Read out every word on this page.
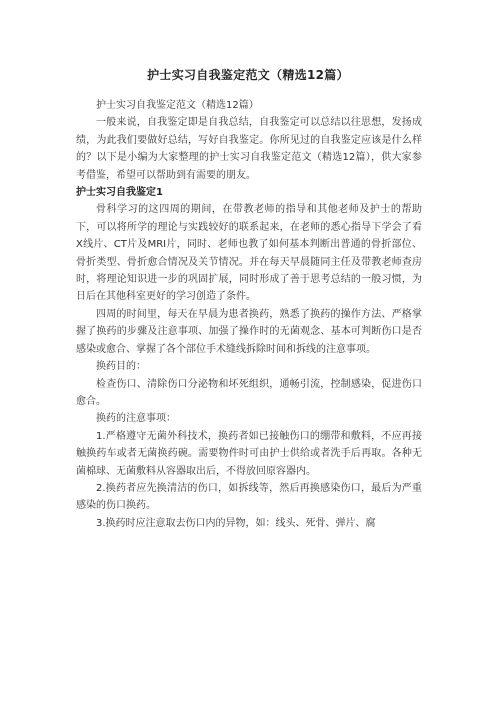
护士实习自我鉴定范文（精选12篇）

护士实习自我鉴定范文（精选12篇）

一般来说，自我鉴定即是自我总结，自我鉴定可以总结以往思想，发扬成绩，为此我们要做好总结，写好自我鉴定。你所见过的自我鉴定应该是什么样的？以下是小编为大家整理的护士实习自我鉴定范文（精选12篇），供大家参考借鉴，希望可以帮助到有需要的朋友。

护士实习自我鉴定1

骨科学习的这四周的期间，在带教老师的指导和其他老师及护士的帮助下，可以将所学的理论与实践较好的联系起来，在老师的悉心指导下学会了看X线片、CT片及MRI片，同时、老师也教了如何基本判断出普通的骨折部位、骨折类型、骨折愈合情况及关节情况。并在每天早晨随同主任及带教老师查房时，将理论知识进一步的巩固扩展，同时形成了善于思考总结的一般习惯，为日后在其他科室更好的学习创造了条件。

四周的时间里，每天在早晨为患者换药，熟悉了换药的操作方法、严格掌握了换药的步骤及注意事项、加强了操作时的无菌观念、基本可判断伤口是否感染或愈合、掌握了各个部位手术缝线拆除时间和拆线的注意事项。

换药目的：

检查伤口、清除伤口分泌物和坏死组织，通畅引流，控制感染，促进伤口愈合。

换药的注意事项：

1.严格遵守无菌外科技术，换药者如已接触伤口的绷带和敷料，不应再接触换药车或者无菌换药碗。需要物件时可由护士供给或者洗手后再取。各种无菌棉球、无菌敷料从容器取出后，不得放回原容器内。

2.换药者应先换清洁的伤口，如拆线等，然后再换感染伤口，最后为严重感染的伤口换药。

3.换药时应注意取去伤口内的异物，如：线头、死骨、弹片、腐
